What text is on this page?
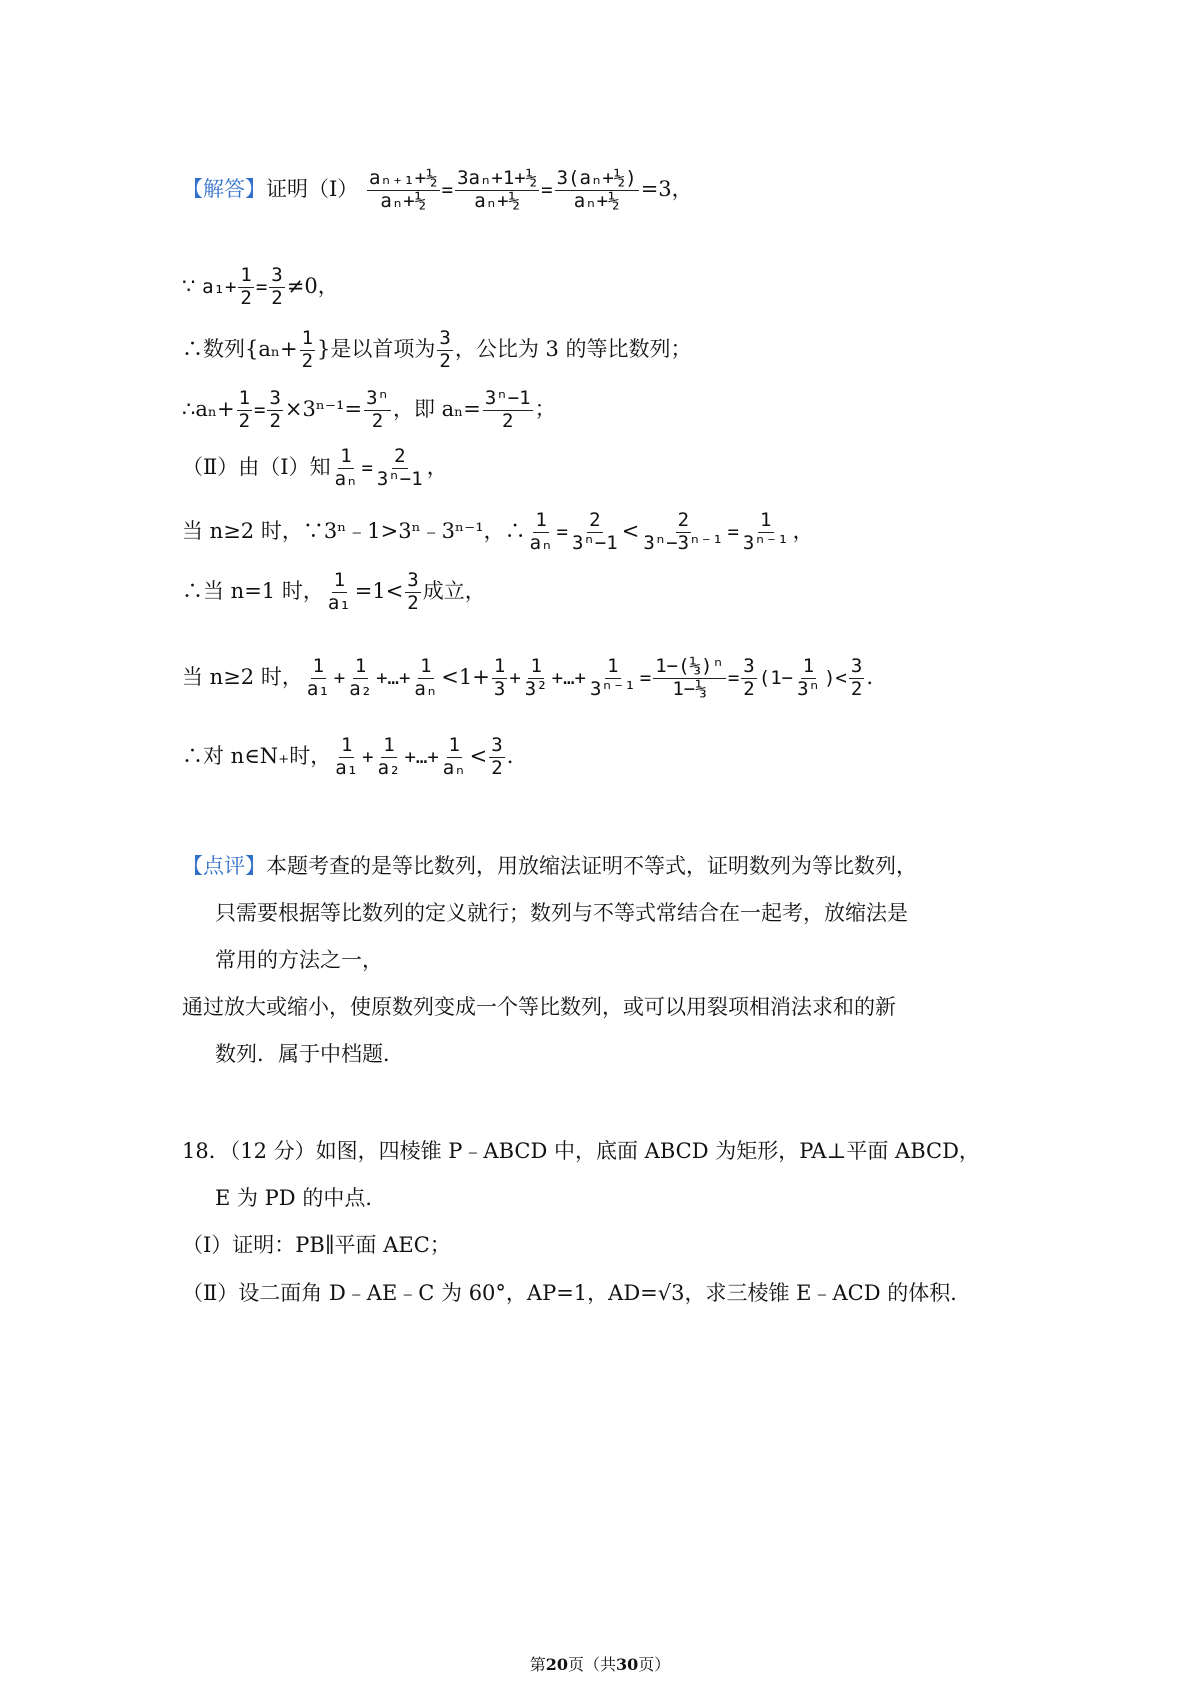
【解答】证明（Ⅰ） $\frac{\text{aₙ₊₁+½}}{\text{aₙ+½}} = \frac{\text{3aₙ+1+½}}{\text{aₙ+½}} = \frac{\text{3(aₙ+½)}}{\text{aₙ+½}} =3$，
∵ $a_1+ \frac{1}{2} = \frac{3}{2} \ne 0$，
∴数列{$a_n+ \frac{1}{2}$ }是以首项为 $\frac{3}{2}$ ，公比为 3 的等比数列；
∴aₙ+ $\frac{1}{2} = \frac{3}{2} \times 3^{n-1}= \frac{\text{3ⁿ}}{2}$ ，即 $a_n= \frac{\text{3ⁿ−1}}{2}$ ；
（Ⅱ）由（Ⅰ）知 $\frac{1}{\text{aₙ}} = \frac{2}{\text{3ⁿ−1}}$ ，
当 n≥2 时，∵3ⁿ﹣1>3ⁿ﹣3ⁿ⁻¹，∴ $\frac{1}{\text{aₙ}} = \frac{2}{\text{3ⁿ−1}} < \frac{2}{\text{3ⁿ−3ⁿ⁻¹}} = \frac{1}{\text{3ⁿ⁻¹}}$ ，
∴当 n=1 时， $\frac{1}{\text{a₁}} =1< \frac{3}{2}$ 成立，
当 n≥2 时， $\frac{1}{\text{a₁}} + \frac{1}{\text{a₂}}$ +…+ $\frac{1}{\text{aₙ}} <1+ \frac{1}{3} + \frac{1}{\text{3²}}$ +…+ $\frac{1}{\text{3ⁿ⁻¹}} = \frac{\text{1−(⅓)ⁿ}}{\text{1−⅓}} = \frac{3}{2} (1- \frac{1}{\text{3ⁿ}}$ )< $\frac{3}{2}$ .
∴对 n∈N₊时， $\frac{1}{\text{a₁}} + \frac{1}{\text{a₂}}$ +…+ $\frac{1}{\text{aₙ}} < \frac{3}{2}$ .
【点评】本题考查的是等比数列，用放缩法证明不等式，证明数列为等比数列，
只需要根据等比数列的定义就行；数列与不等式常结合在一起考，放缩法是
常用的方法之一，
通过放大或缩小，使原数列变成一个等比数列，或可以用裂项相消法求和的新
数列．属于中档题．
18．（12 分）如图，四棱锥 P﹣ABCD 中，底面 ABCD 为矩形，PA⊥平面 ABCD，
E 为 PD 的中点．
（Ⅰ）证明：PB∥平面 AEC；
（Ⅱ）设二面角 D﹣AE﹣C 为 60°，AP=1，AD=√3，求三棱锥 E﹣ACD 的体积．
第20页（共30页）
